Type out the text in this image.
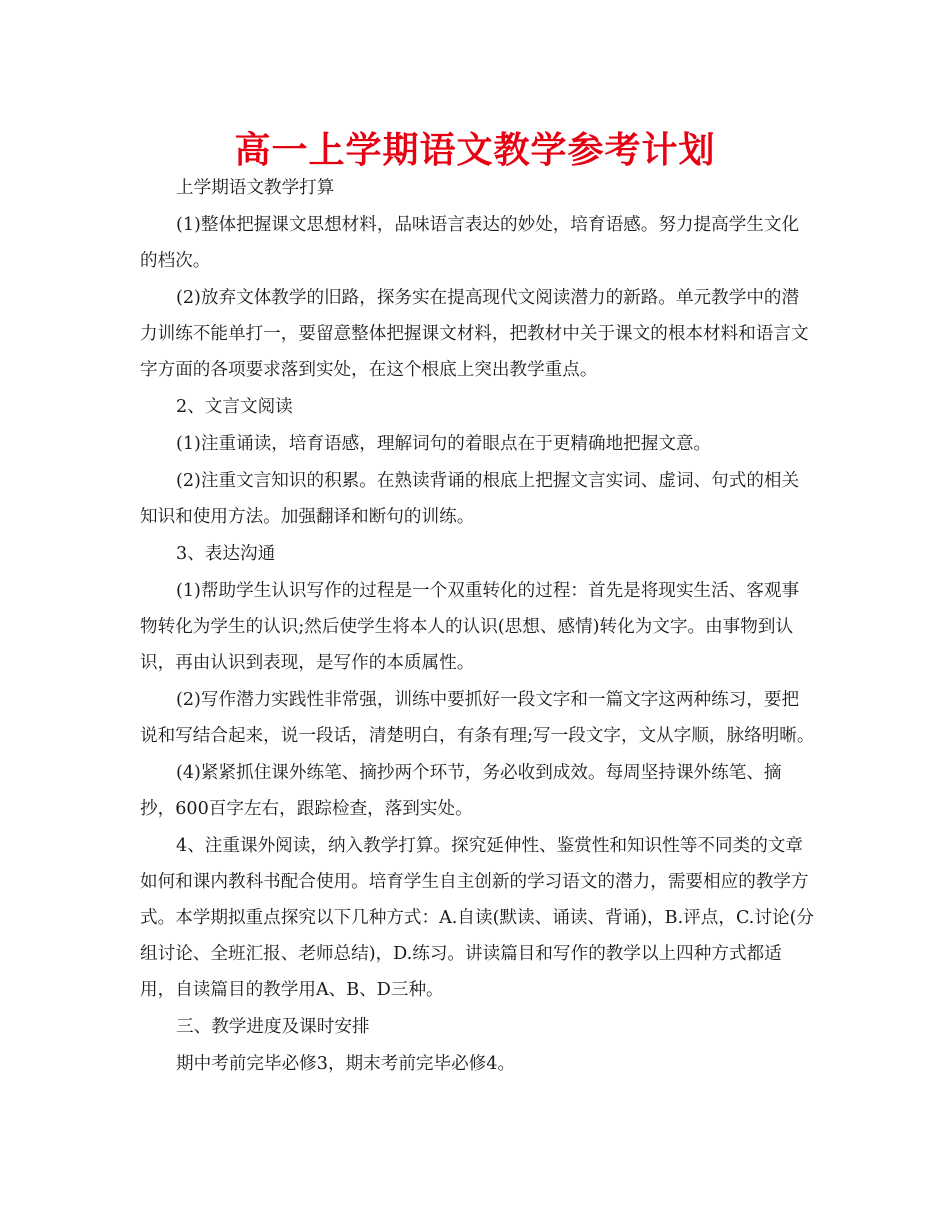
高一上学期语文教学参考计划

上学期语文教学打算

(1)整体把握课文思想材料，品味语言表达的妙处，培育语感。努力提高学生文化的档次。

(2)放弃文体教学的旧路，探务实在提高现代文阅读潜力的新路。单元教学中的潜力训练不能单打一，要留意整体把握课文材料，把教材中关于课文的根本材料和语言文字方面的各项要求落到实处，在这个根底上突出教学重点。

2、文言文阅读

(1)注重诵读，培育语感，理解词句的着眼点在于更精确地把握文意。

(2)注重文言知识的积累。在熟读背诵的根底上把握文言实词、虚词、句式的相关知识和使用方法。加强翻译和断句的训练。

3、表达沟通

(1)帮助学生认识写作的过程是一个双重转化的过程：首先是将现实生活、客观事物转化为学生的认识;然后使学生将本人的认识(思想、感情)转化为文字。由事物到认识，再由认识到表现，是写作的本质属性。

(2)写作潜力实践性非常强，训练中要抓好一段文字和一篇文字这两种练习，要把说和写结合起来，说一段话，清楚明白，有条有理;写一段文字，文从字顺，脉络明晰。

(4)紧紧抓住课外练笔、摘抄两个环节，务必收到成效。每周坚持课外练笔、摘抄，600百字左右，跟踪检查，落到实处。

4、注重课外阅读，纳入教学打算。探究延伸性、鉴赏性和知识性等不同类的文章如何和课内教科书配合使用。培育学生自主创新的学习语文的潜力，需要相应的教学方式。本学期拟重点探究以下几种方式：A.自读(默读、诵读、背诵)，B.评点，C.讨论(分组讨论、全班汇报、老师总结)，D.练习。讲读篇目和写作的教学以上四种方式都适用，自读篇目的教学用A、B、D三种。

三、教学进度及课时安排

期中考前完毕必修3，期末考前完毕必修4。
